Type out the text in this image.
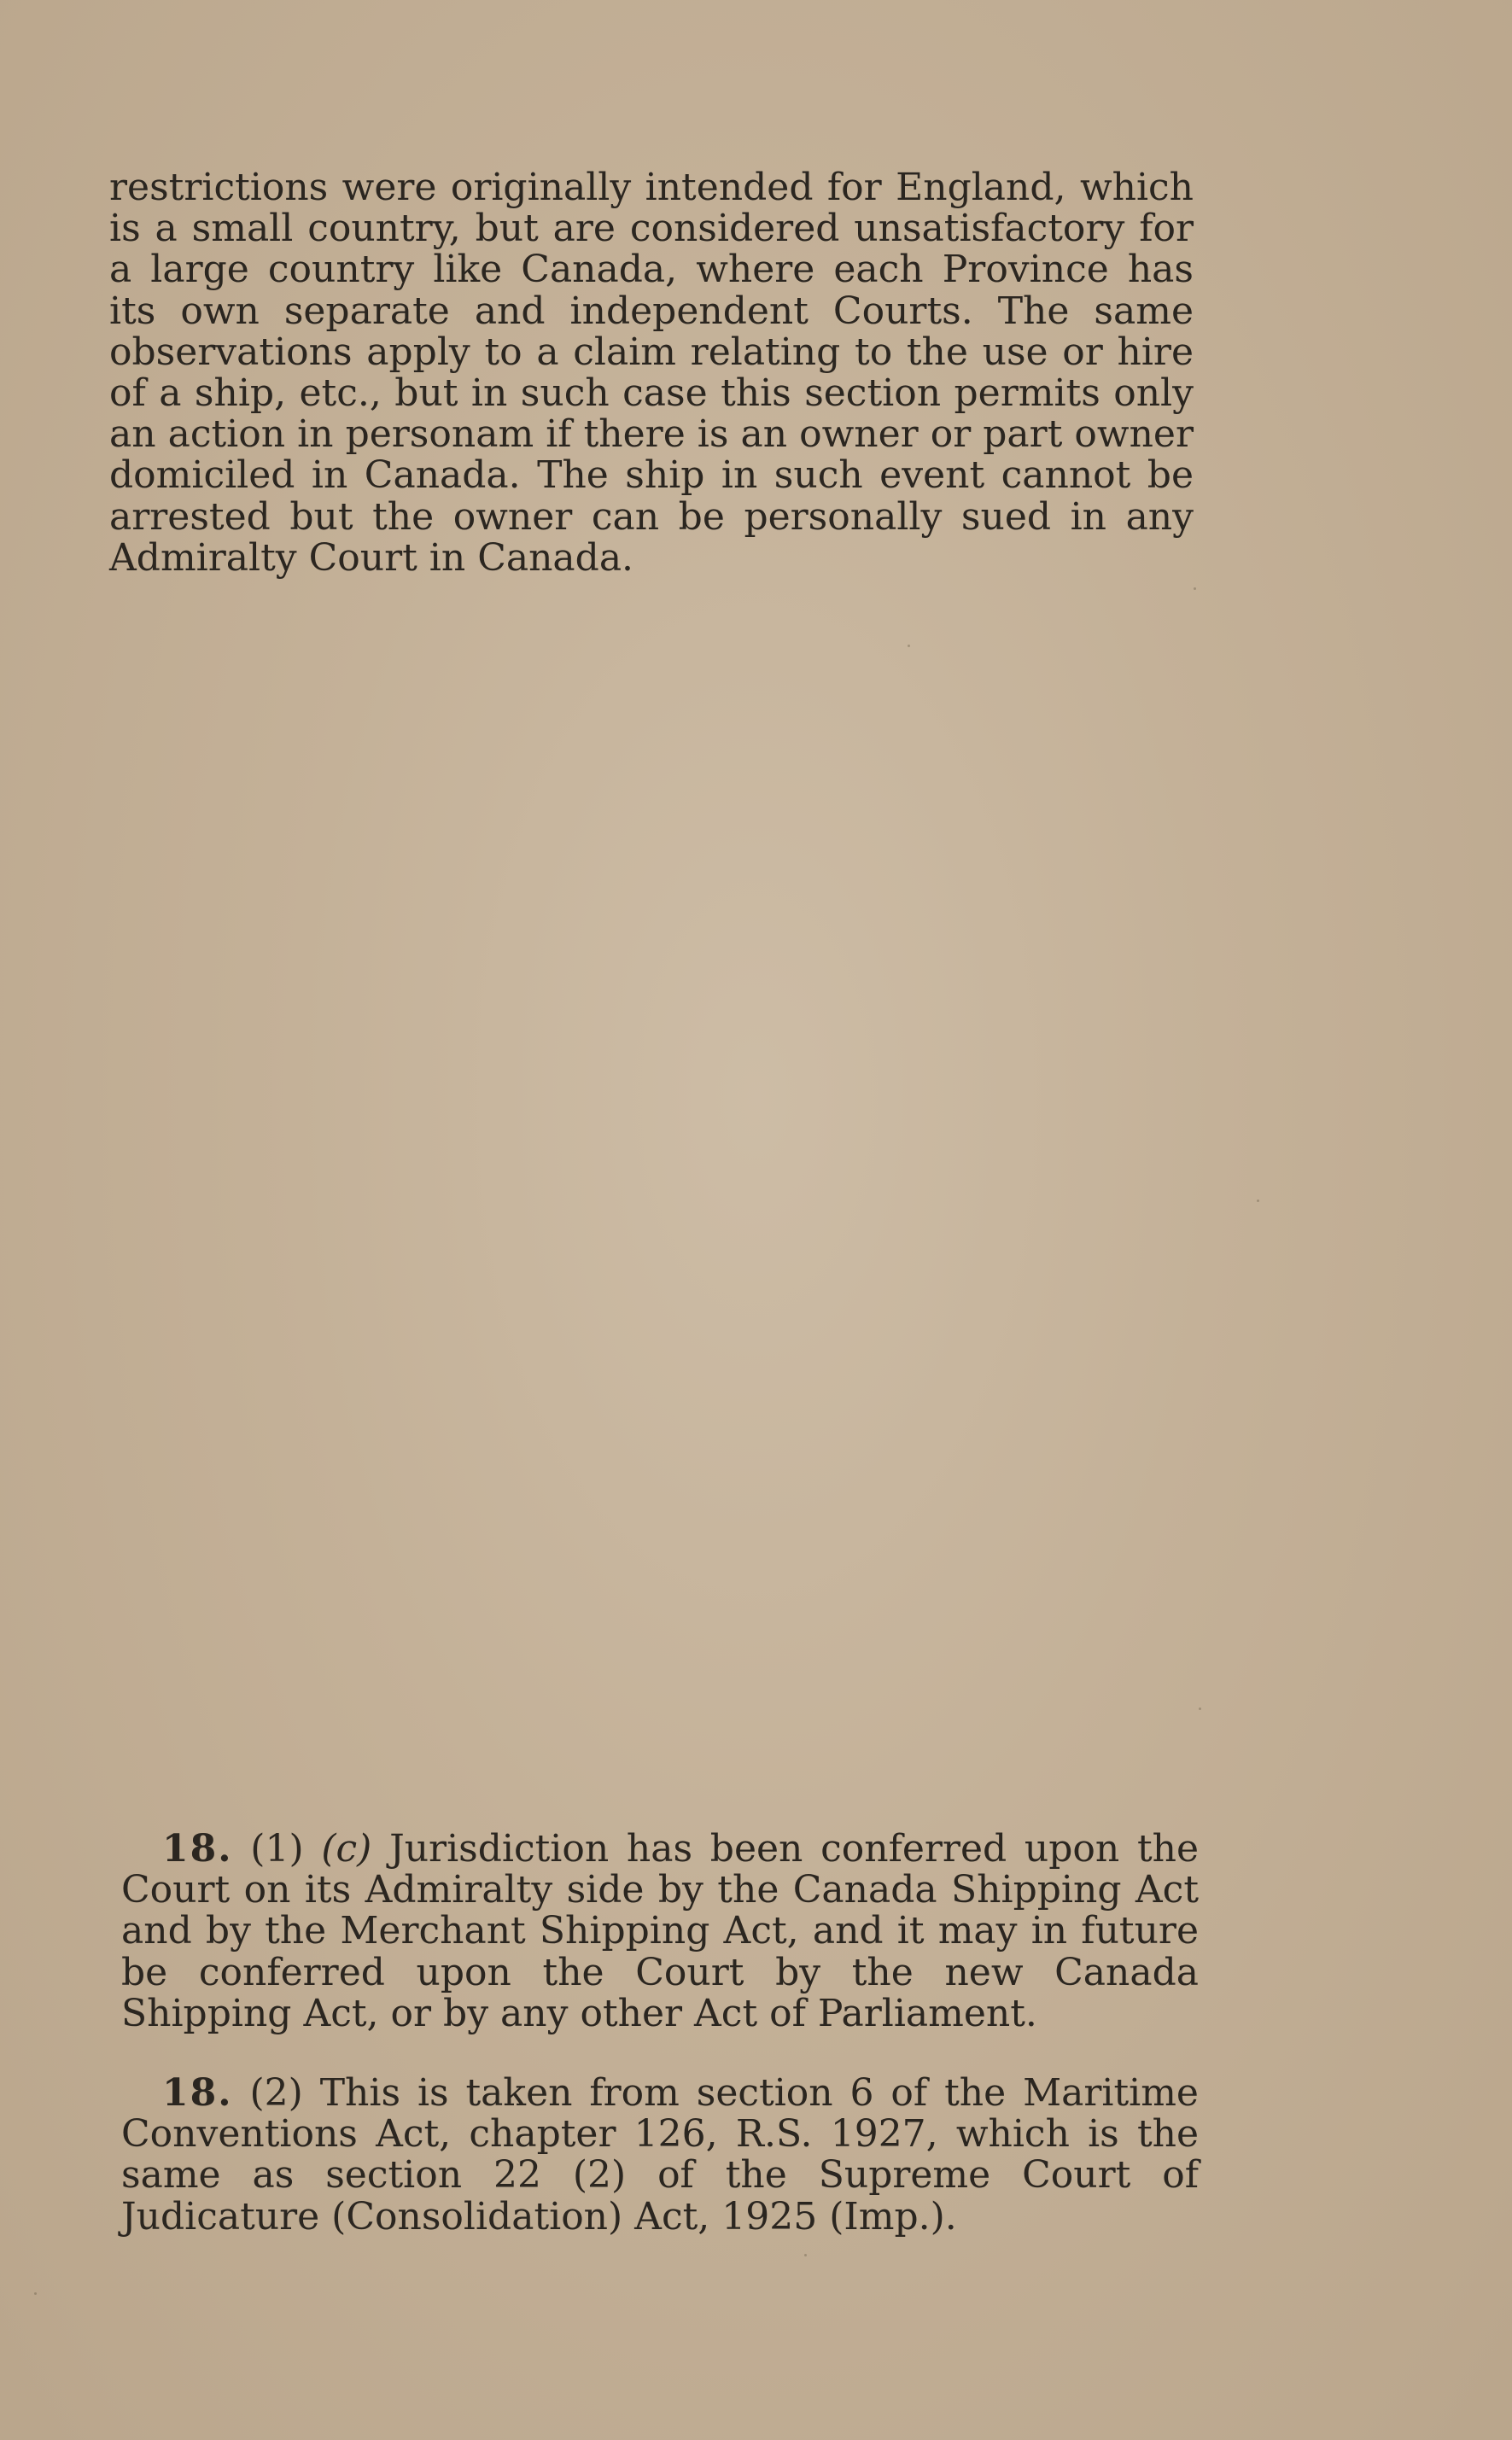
restrictions were originally intended for England, which is a small country, but are considered unsatisfactory for a large country like Canada, where each Province has its own separate and independent Courts. The same observations apply to a claim relating to the use or hire of a ship, etc., but in such case this section permits only an action in personam if there is an owner or part owner domiciled in Canada. The ship in such event cannot be arrested but the owner can be personally sued in any Admiralty Court in Canada.

18. (1) (c) Jurisdiction has been conferred upon the Court on its Admiralty side by the Canada Shipping Act and by the Merchant Shipping Act, and it may in future be conferred upon the Court by the new Canada Shipping Act, or by any other Act of Parliament.

18. (2) This is taken from section 6 of the Maritime Conventions Act, chapter 126, R.S. 1927, which is the same as section 22 (2) of the Supreme Court of Judicature (Consolidation) Act, 1925 (Imp.).
